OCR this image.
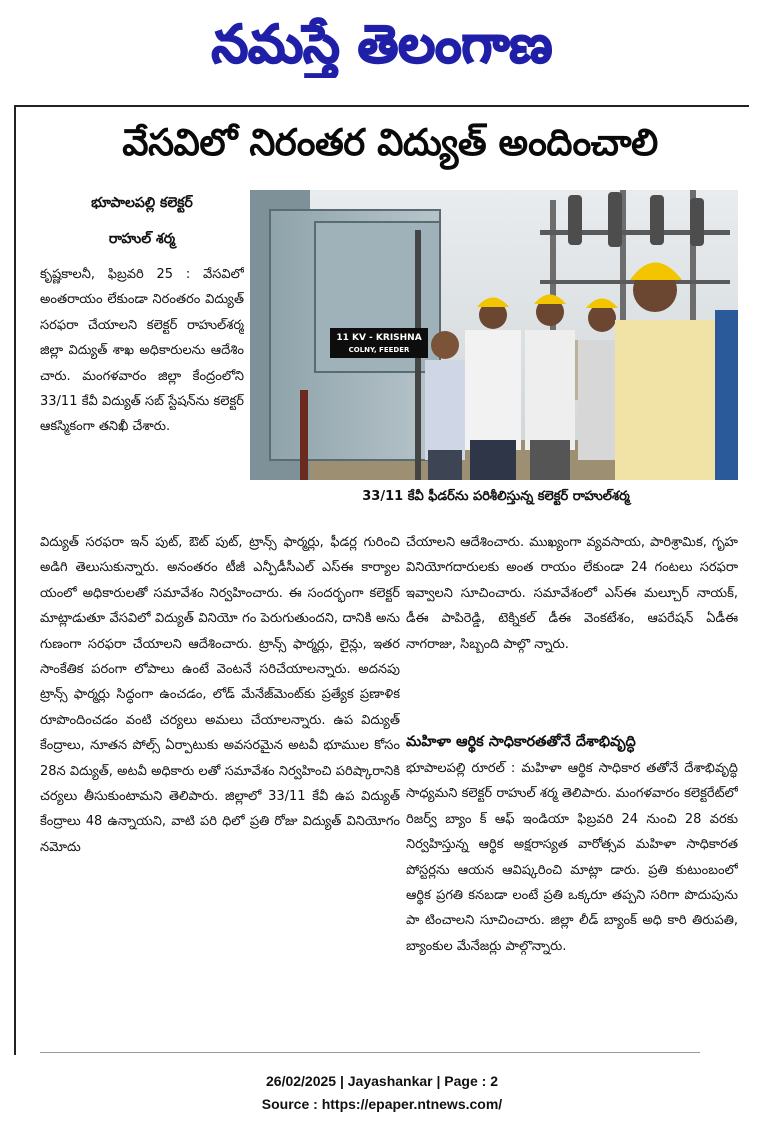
నమస్తే తెలంగాణ
వేసవిలో నిరంతర విద్యుత్ అందించాలి
భూపాలపల్లి కలెక్టర్
రాహుల్ శర్మ
11 KV - KRISHNA
COLNY, FEEDER
33/11 కేవీ ఫీడర్‌ను పరిశీలిస్తున్న కలెక్టర్ రాహుల్‌శర్మ

కృష్ణకాలనీ, ఫిబ్రవరి 25 : వేసవిలో అంతరాయం లేకుండా నిరంతరం విద్యుత్ సరఫరా చేయాలని కలెక్టర్ రాహుల్‌శర్మ జిల్లా విద్యుత్ శాఖ అధికారులను ఆదేశిం చారు. మంగళవారం జిల్లా కేంద్రంలోని 33/11 కేవీ విద్యుత్ సబ్ స్టేషన్‌ను కలెక్టర్ ఆకస్మికంగా తనిఖీ చేశారు.

విద్యుత్ సరఫరా ఇన్ పుట్, ఔట్ పుట్, ట్రాన్స్ ఫార్మర్లు, ఫీడర్ల గురించి అడిగి తెలుసుకున్నారు. అనంతరం టీజీ ఎన్పీడీసీఎల్ ఎస్ఈ కార్యాల యంలో అధికారులతో సమావేశం నిర్వహించారు. ఈ సందర్భంగా కలెక్టర్ మాట్లాడుతూ వేసవిలో విద్యుత్ వినియో గం పెరుగుతుందని, దానికి అను గుణంగా సరఫరా చేయాలని ఆదేశించారు. ట్రాన్స్ ఫార్మర్లు, లైన్లు, ఇతర సాంకేతిక పరంగా లోపాలు ఉంటే వెంటనే సరిచేయాలన్నారు. అదనపు ట్రాన్స్ ఫార్మర్లు సిద్ధంగా ఉంచడం, లోడ్ మేనేజ్‌మెంట్‌కు ప్రత్యేక ప్రణాళిక రూపొందించడం వంటి చర్యలు అమలు చేయాలన్నారు. ఉప విద్యుత్ కేంద్రాలు, నూతన పోల్స్ ఏర్పాటుకు అవసరమైన అటవీ భూముల కోసం 28న విద్యుత్, అటవీ అధికారు లతో సమావేశం నిర్వహించి పరిష్కారానికి చర్యలు తీసుకుంటామని తెలిపారు. జిల్లాలో 33/11 కేవీ ఉప విద్యుత్ కేంద్రాలు 48 ఉన్నాయని, వాటి పరి ధిలో ప్రతి రోజు విద్యుత్ వినియోగం నమోదు

చేయాలని ఆదేశించారు. ముఖ్యంగా వ్యవసాయ, పారిశ్రామిక, గృహ వినియోగదారులకు అంత రాయం లేకుండా 24 గంటలు సరఫరా ఇవ్వాలని సూచించారు. సమావేశంలో ఎస్ఈ మల్చూర్ నాయక్, డీఈ పాపిరెడ్డి, టెక్నికల్ డీఈ వెంకటేశం, ఆపరేషన్ ఏడీఈ నాగరాజు, సిబ్బంది పాల్గొ న్నారు.

మహిళా ఆర్థిక సాధికారతతోనే దేశాభివృద్ధి

భూపాలపల్లి రూరల్ : మహిళా ఆర్థిక సాధికార తతోనే దేశాభివృద్ధి సాధ్యమని కలెక్టర్ రాహుల్ శర్మ తెలిపారు. మంగళవారం కలెక్టరేట్‌లో రిజర్వ్ బ్యాం క్ ఆఫ్ ఇండియా ఫిబ్రవరి 24 నుంచి 28 వరకు నిర్వహిస్తున్న ఆర్థిక అక్షరాస్యత వారోత్సవ మహిళా సాధికారత పోస్టర్లను ఆయన ఆవిష్కరించి మాట్లా డారు. ప్రతి కుటుంబంలో ఆర్థిక ప్రగతి కనబడా లంటే ప్రతి ఒక్కరూ తప్పని సరిగా పొదుపును పా టించాలని సూచించారు. జిల్లా లీడ్ బ్యాంక్ అధి కారి తిరుపతి, బ్యాంకుల మేనేజర్లు పాల్గొన్నారు.

26/02/2025 | Jayashankar | Page : 2
Source : https://epaper.ntnews.com/
